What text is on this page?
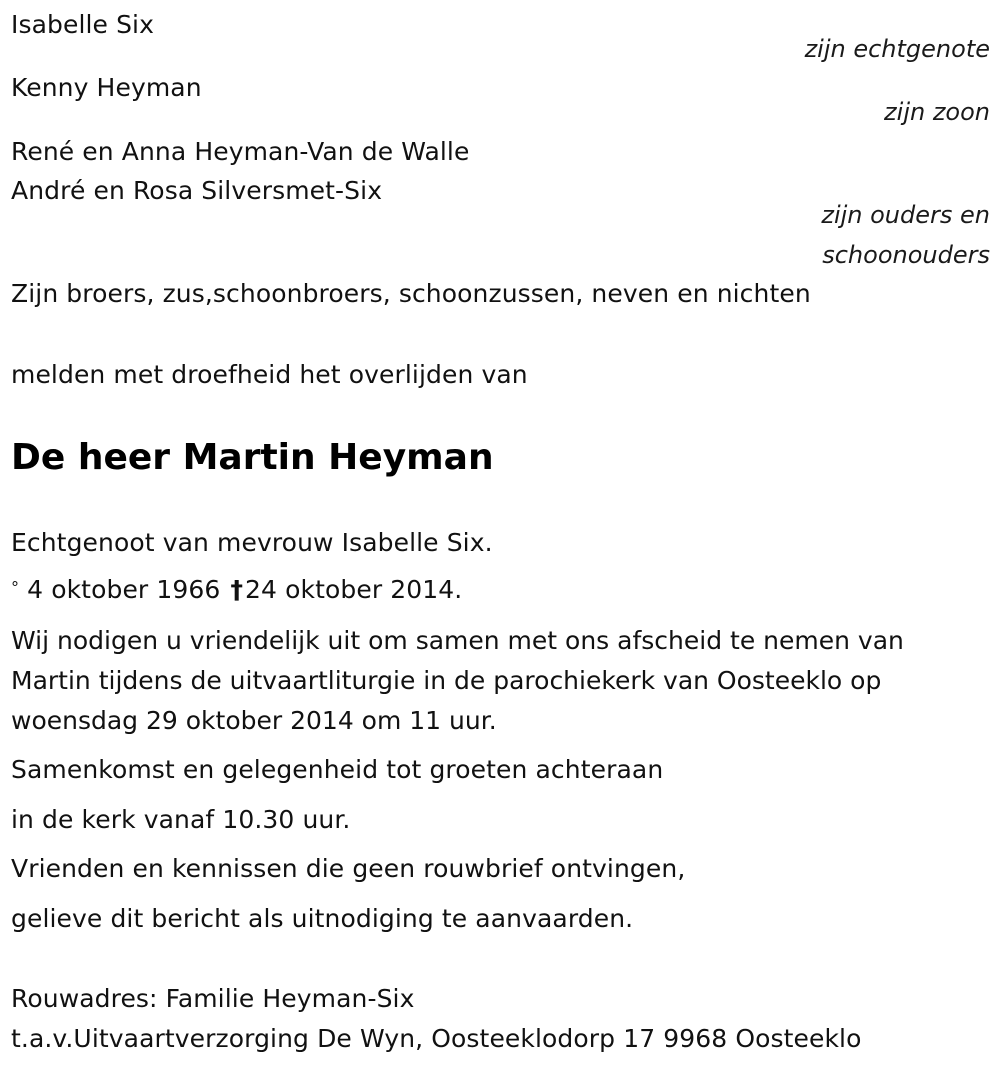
Isabelle Six
zijn echtgenote
Kenny Heyman
zijn zoon
René en Anna Heyman-Van de Walle
André en Rosa Silversmet-Six
zijn ouders en
schoonouders
Zijn broers, zus,schoonbroers, schoonzussen, neven en nichten
melden met droefheid het overlijden van
De heer Martin Heyman
Echtgenoot van mevrouw Isabelle Six.
° 4 oktober 1966 †24 oktober 2014.
Wij nodigen u vriendelijk uit om samen met ons afscheid te nemen van
Martin tijdens de uitvaartliturgie in de parochiekerk van Oosteeklo op
woensdag 29 oktober 2014 om 11 uur.
Samenkomst en gelegenheid tot groeten achteraan
in de kerk vanaf 10.30 uur.
Vrienden en kennissen die geen rouwbrief ontvingen,
gelieve dit bericht als uitnodiging te aanvaarden.
Rouwadres: Familie Heyman-Six
t.a.v.Uitvaartverzorging De Wyn, Oosteeklodorp 17 9968 Oosteeklo
